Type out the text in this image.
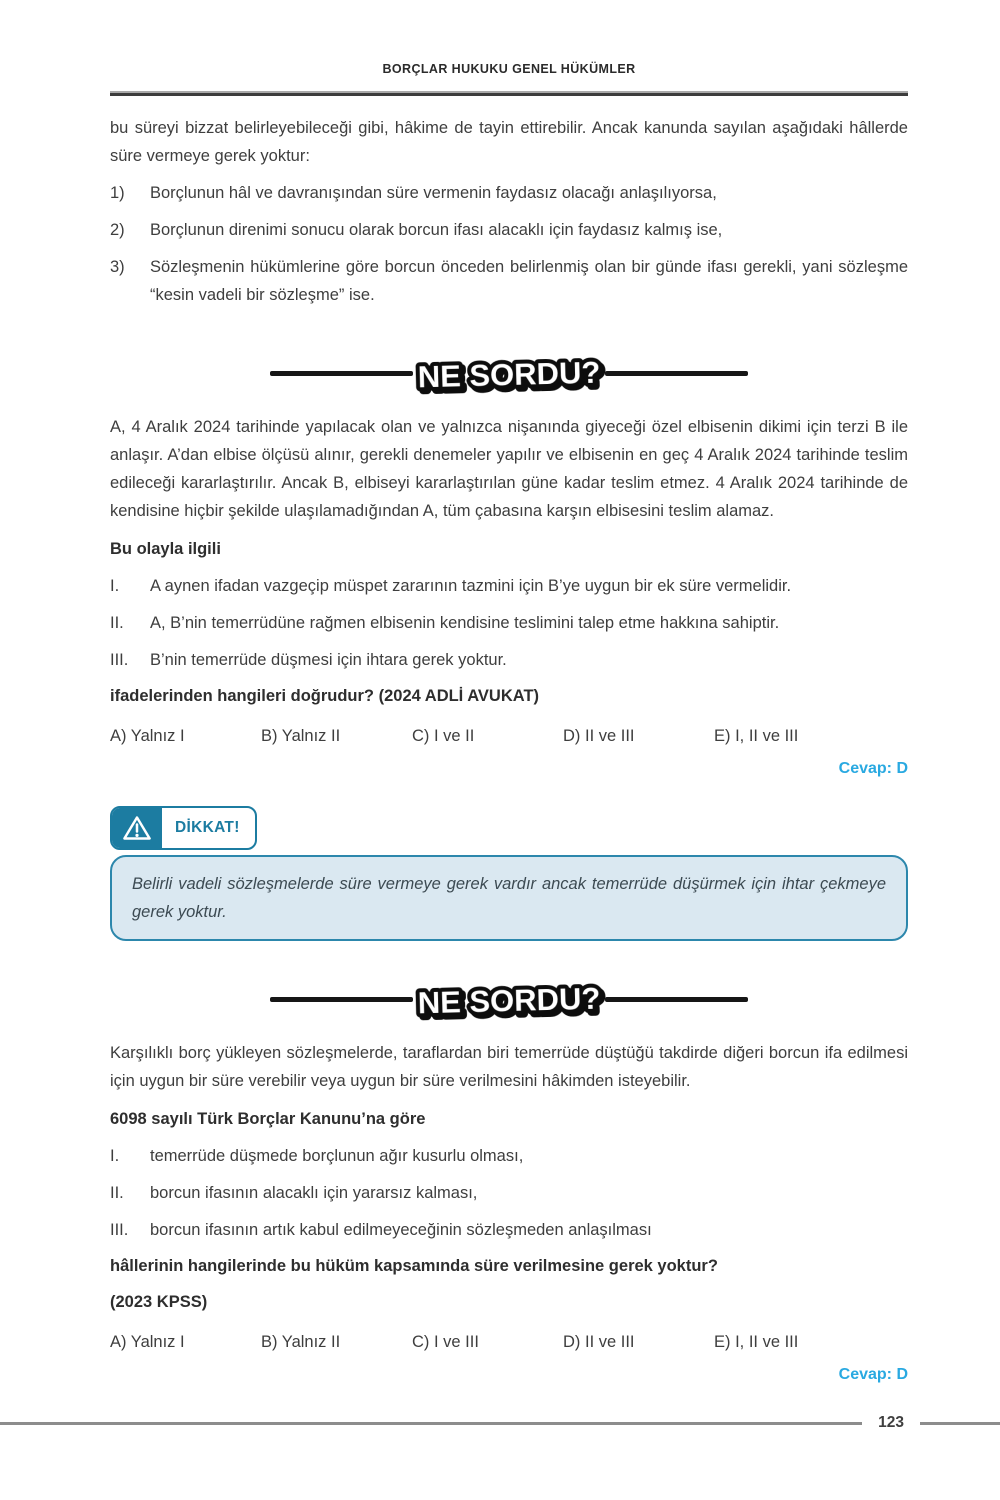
BORÇLAR HUKUKU GENEL HÜKÜMLER
bu süreyi bizzat belirleyebileceği gibi, hâkime de tayin ettirebilir. Ancak kanunda sayılan aşağıdaki hâllerde süre vermeye gerek yoktur:
1)	Borçlunun hâl ve davranışından süre vermenin faydasız olacağı anlaşılıyorsa,
2)	Borçlunun direnimi sonucu olarak borcun ifası alacaklı için faydasız kalmış ise,
3)	Sözleşmenin hükümlerine göre borcun önceden belirlenmiş olan bir günde ifası gerekli, yani sözleşme “kesin vadeli bir sözleşme” ise.
NE SORDU?
A, 4 Aralık 2024 tarihinde yapılacak olan ve yalnızca nişanında giyeceği özel elbisenin dikimi için terzi B ile anlaşır. A’dan elbise ölçüsü alınır, gerekli denemeler yapılır ve elbisenin en geç 4 Aralık 2024 tarihinde teslim edileceği kararlaştırılır. Ancak B, elbiseyi kararlaştırılan güne kadar teslim etmez. 4 Aralık 2024 tarihinde de kendisine hiçbir şekilde ulaşılamadığından A, tüm çabasına karşın elbisesini teslim alamaz.
Bu olayla ilgili
I.	A aynen ifadan vazgeçip müspet zararının tazmini için B’ye uygun bir ek süre vermelidir.
II.	A, B’nin temerrüdüne rağmen elbisenin kendisine teslimini talep etme hakkına sahiptir.
III.	B’nin temerrüde düşmesi için ihtara gerek yoktur.
ifadelerinden hangileri doğrudur? (2024 ADLİ AVUKAT)
A) Yalnız I	B) Yalnız II	C) I ve II	D) II ve III	E) I, II ve III
Cevap: D
DİKKAT!
Belirli vadeli sözleşmelerde süre vermeye gerek vardır ancak temerrüde düşürmek için ihtar çekmeye gerek yoktur.
NE SORDU?
Karşılıklı borç yükleyen sözleşmelerde, taraflardan biri temerrüde düştüğü takdirde diğeri borcun ifa edilmesi için uygun bir süre verebilir veya uygun bir süre verilmesini hâkimden isteyebilir.
6098 sayılı Türk Borçlar Kanunu’na göre
I.	temerrüde düşmede borçlunun ağır kusurlu olması,
II.	borcun ifasının alacaklı için yararsız kalması,
III.	borcun ifasının artık kabul edilmeyeceğinin sözleşmeden anlaşılması
hâllerinin hangilerinde bu hüküm kapsamında süre verilmesine gerek yoktur?
(2023 KPSS)
A) Yalnız I	B) Yalnız II	C) I ve III	D) II ve III	E) I, II ve III
Cevap: D
123
